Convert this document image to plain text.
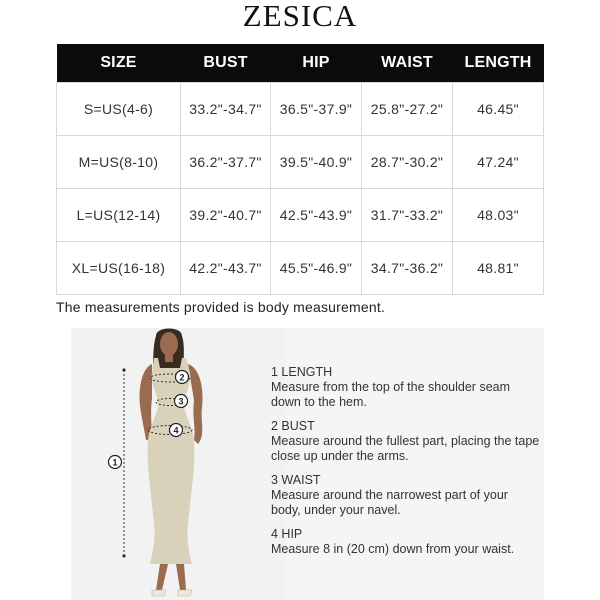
ZESICA
SIZE	BUST	HIP	WAIST	LENGTH
S=US(4-6)	33.2"-34.7"	36.5"-37.9"	25.8"-27.2"	46.45"
M=US(8-10)	36.2"-37.7"	39.5"-40.9"	28.7"-30.2"	47.24"
L=US(12-14)	39.2"-40.7"	42.5"-43.9"	31.7"-33.2"	48.03"
XL=US(16-18)	42.2"-43.7"	45.5"-46.9"	34.7"-36.2"	48.81"
The measurements provided is body measurement.
1
2
3
4
1 LENGTH
Measure from the top of the shoulder seam down to the hem.
2 BUST
Measure around the fullest part, placing the tape close up under the arms.
3 WAIST
Measure around the narrowest part of your body, under your navel.
4 HIP
Measure 8 in (20 cm) down from your waist.
